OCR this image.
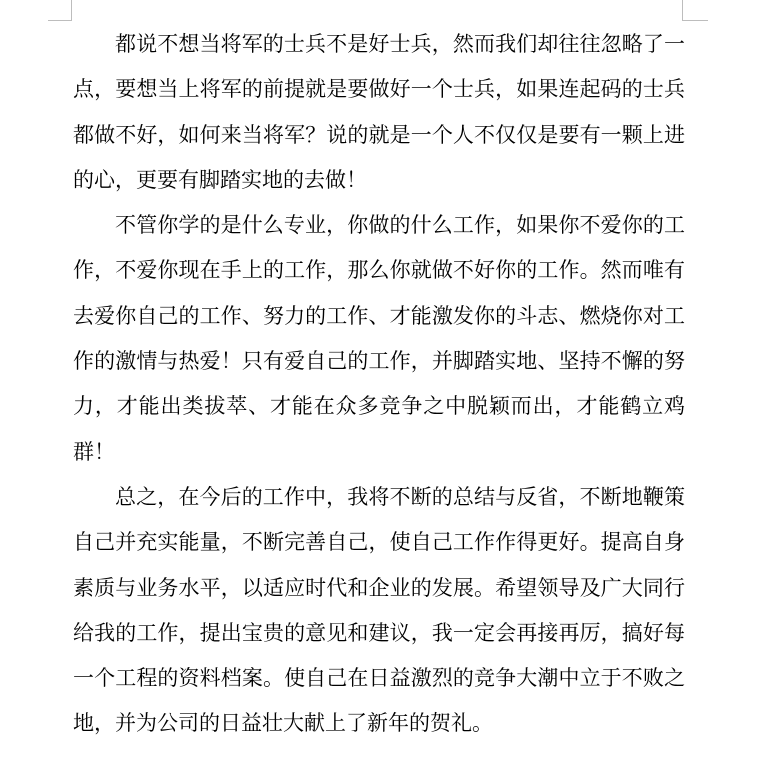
都说不想当将军的士兵不是好士兵，然而我们却往往忽略了一点，要想当上将军的前提就是要做好一个士兵，如果连起码的士兵都做不好，如何来当将军？说的就是一个人不仅仅是要有一颗上进的心，更要有脚踏实地的去做！

不管你学的是什么专业，你做的什么工作，如果你不爱你的工作，不爱你现在手上的工作，那么你就做不好你的工作。然而唯有去爱你自己的工作、努力的工作、才能激发你的斗志、燃烧你对工作的激情与热爱！只有爱自己的工作，并脚踏实地、坚持不懈的努力，才能出类拔萃、才能在众多竞争之中脱颖而出，才能鹤立鸡群！

总之，在今后的工作中，我将不断的总结与反省，不断地鞭策自己并充实能量，不断完善自己，使自己工作作得更好。提高自身素质与业务水平，以适应时代和企业的发展。希望领导及广大同行给我的工作，提出宝贵的意见和建议，我一定会再接再厉，搞好每一个工程的资料档案。使自己在日益激烈的竞争大潮中立于不败之地，并为公司的日益壮大献上了新年的贺礼。
